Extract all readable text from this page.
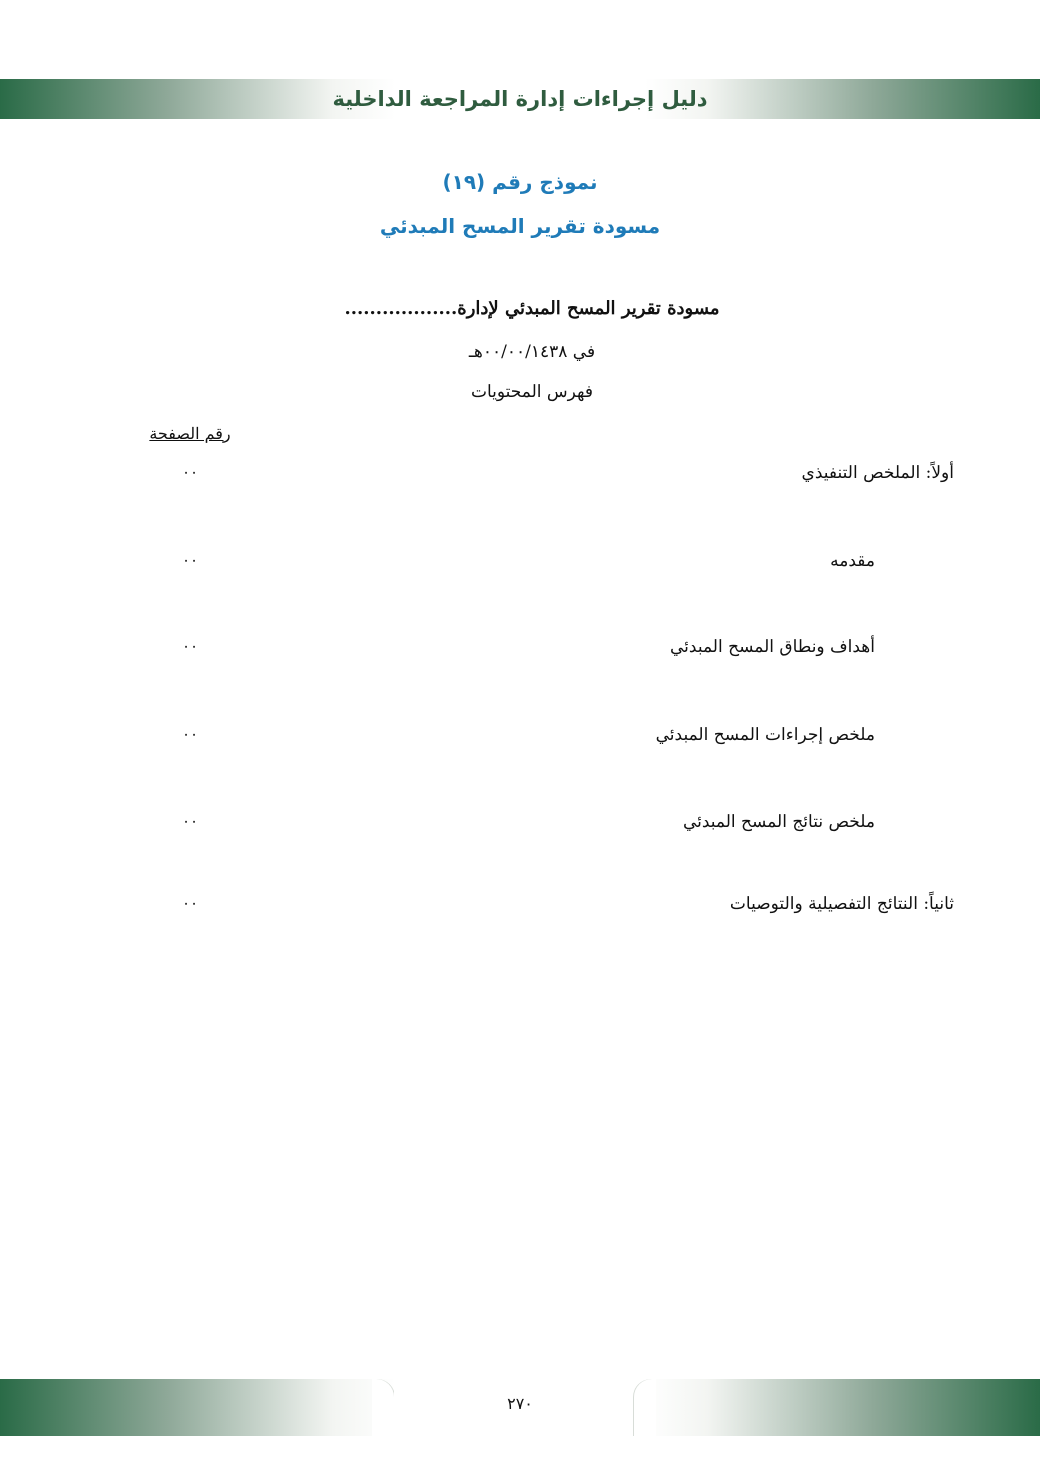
دليل إجراءات إدارة المراجعة الداخلية
نموذج رقم (١٩)
مسودة تقرير المسح المبدئي
مسودة تقرير المسح المبدئي لإدارة..................
في ٠٠/٠٠/١٤٣٨هـ
فهرس المحتويات
رقم الصفحة
أولاً: الملخص التنفيذي
٠٠
مقدمه
٠٠
أهداف ونطاق المسح المبدئي
٠٠
ملخص إجراءات المسح المبدئي
٠٠
ملخص نتائج المسح المبدئي
٠٠
ثانياً: النتائج التفصيلية والتوصيات
٠٠
٢٧٠
